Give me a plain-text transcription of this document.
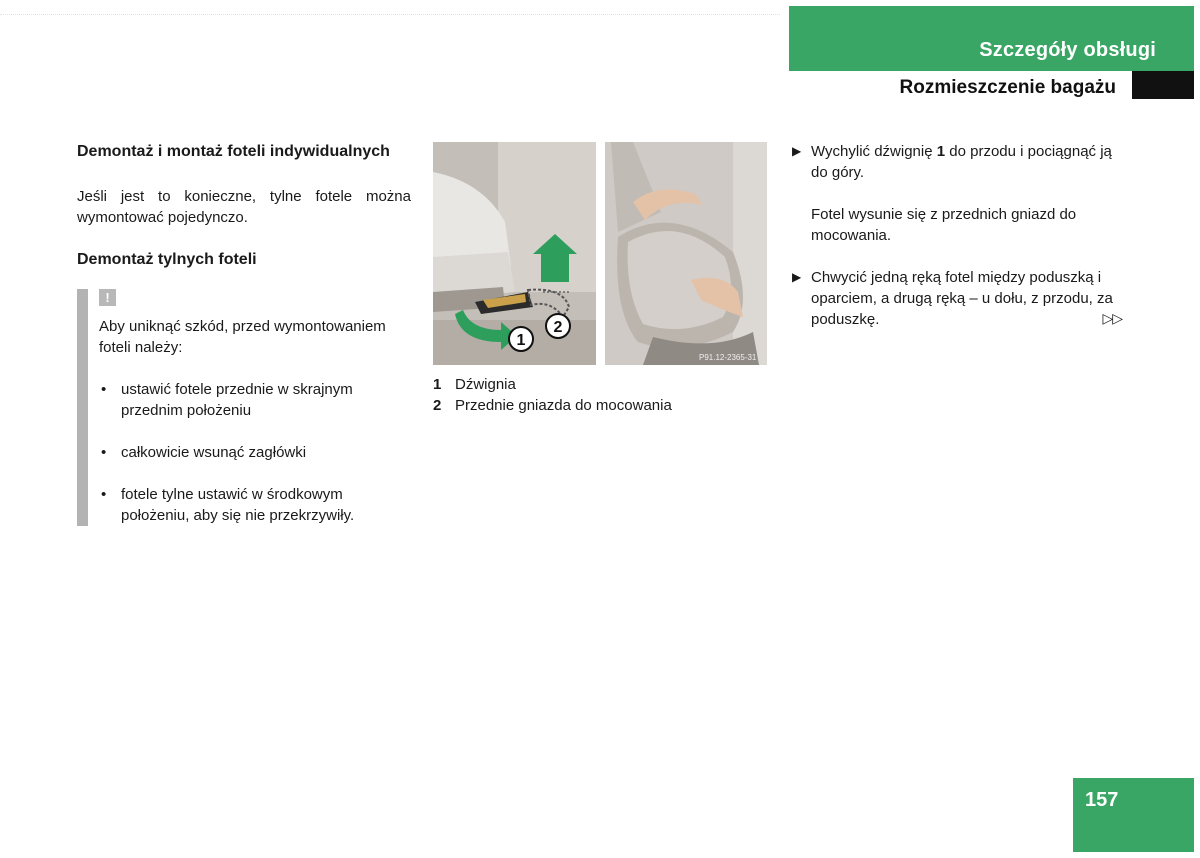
Szczegóły obsługi
Rozmieszczenie bagażu
Demontaż i montaż foteli indywidualnych

Jeśli jest to konieczne, tylne fotele można wymontować pojedynczo.

Demontaż tylnych foteli
!

Aby uniknąć szkód, przed wymontowaniem foteli należy:

• ustawić fotele przednie w skrajnym przednim położeniu
• całkowicie wsunąć zagłówki
• fotele tylne ustawić w środkowym położeniu, aby się nie przekrzywiły.
1
2
P91.12-2365-31
1 Dźwignia
2 Przednie gniazda do mocowania

▶ Wychylić dźwignię 1 do przodu i pociągnąć ją do góry.

Fotel wysunie się z przednich gniazd do mocowania.

▶ Chwycić jedną ręką fotel między poduszką i oparciem, a drugą ręką – u dołu, z przodu, za poduszkę.	▷▷

157
